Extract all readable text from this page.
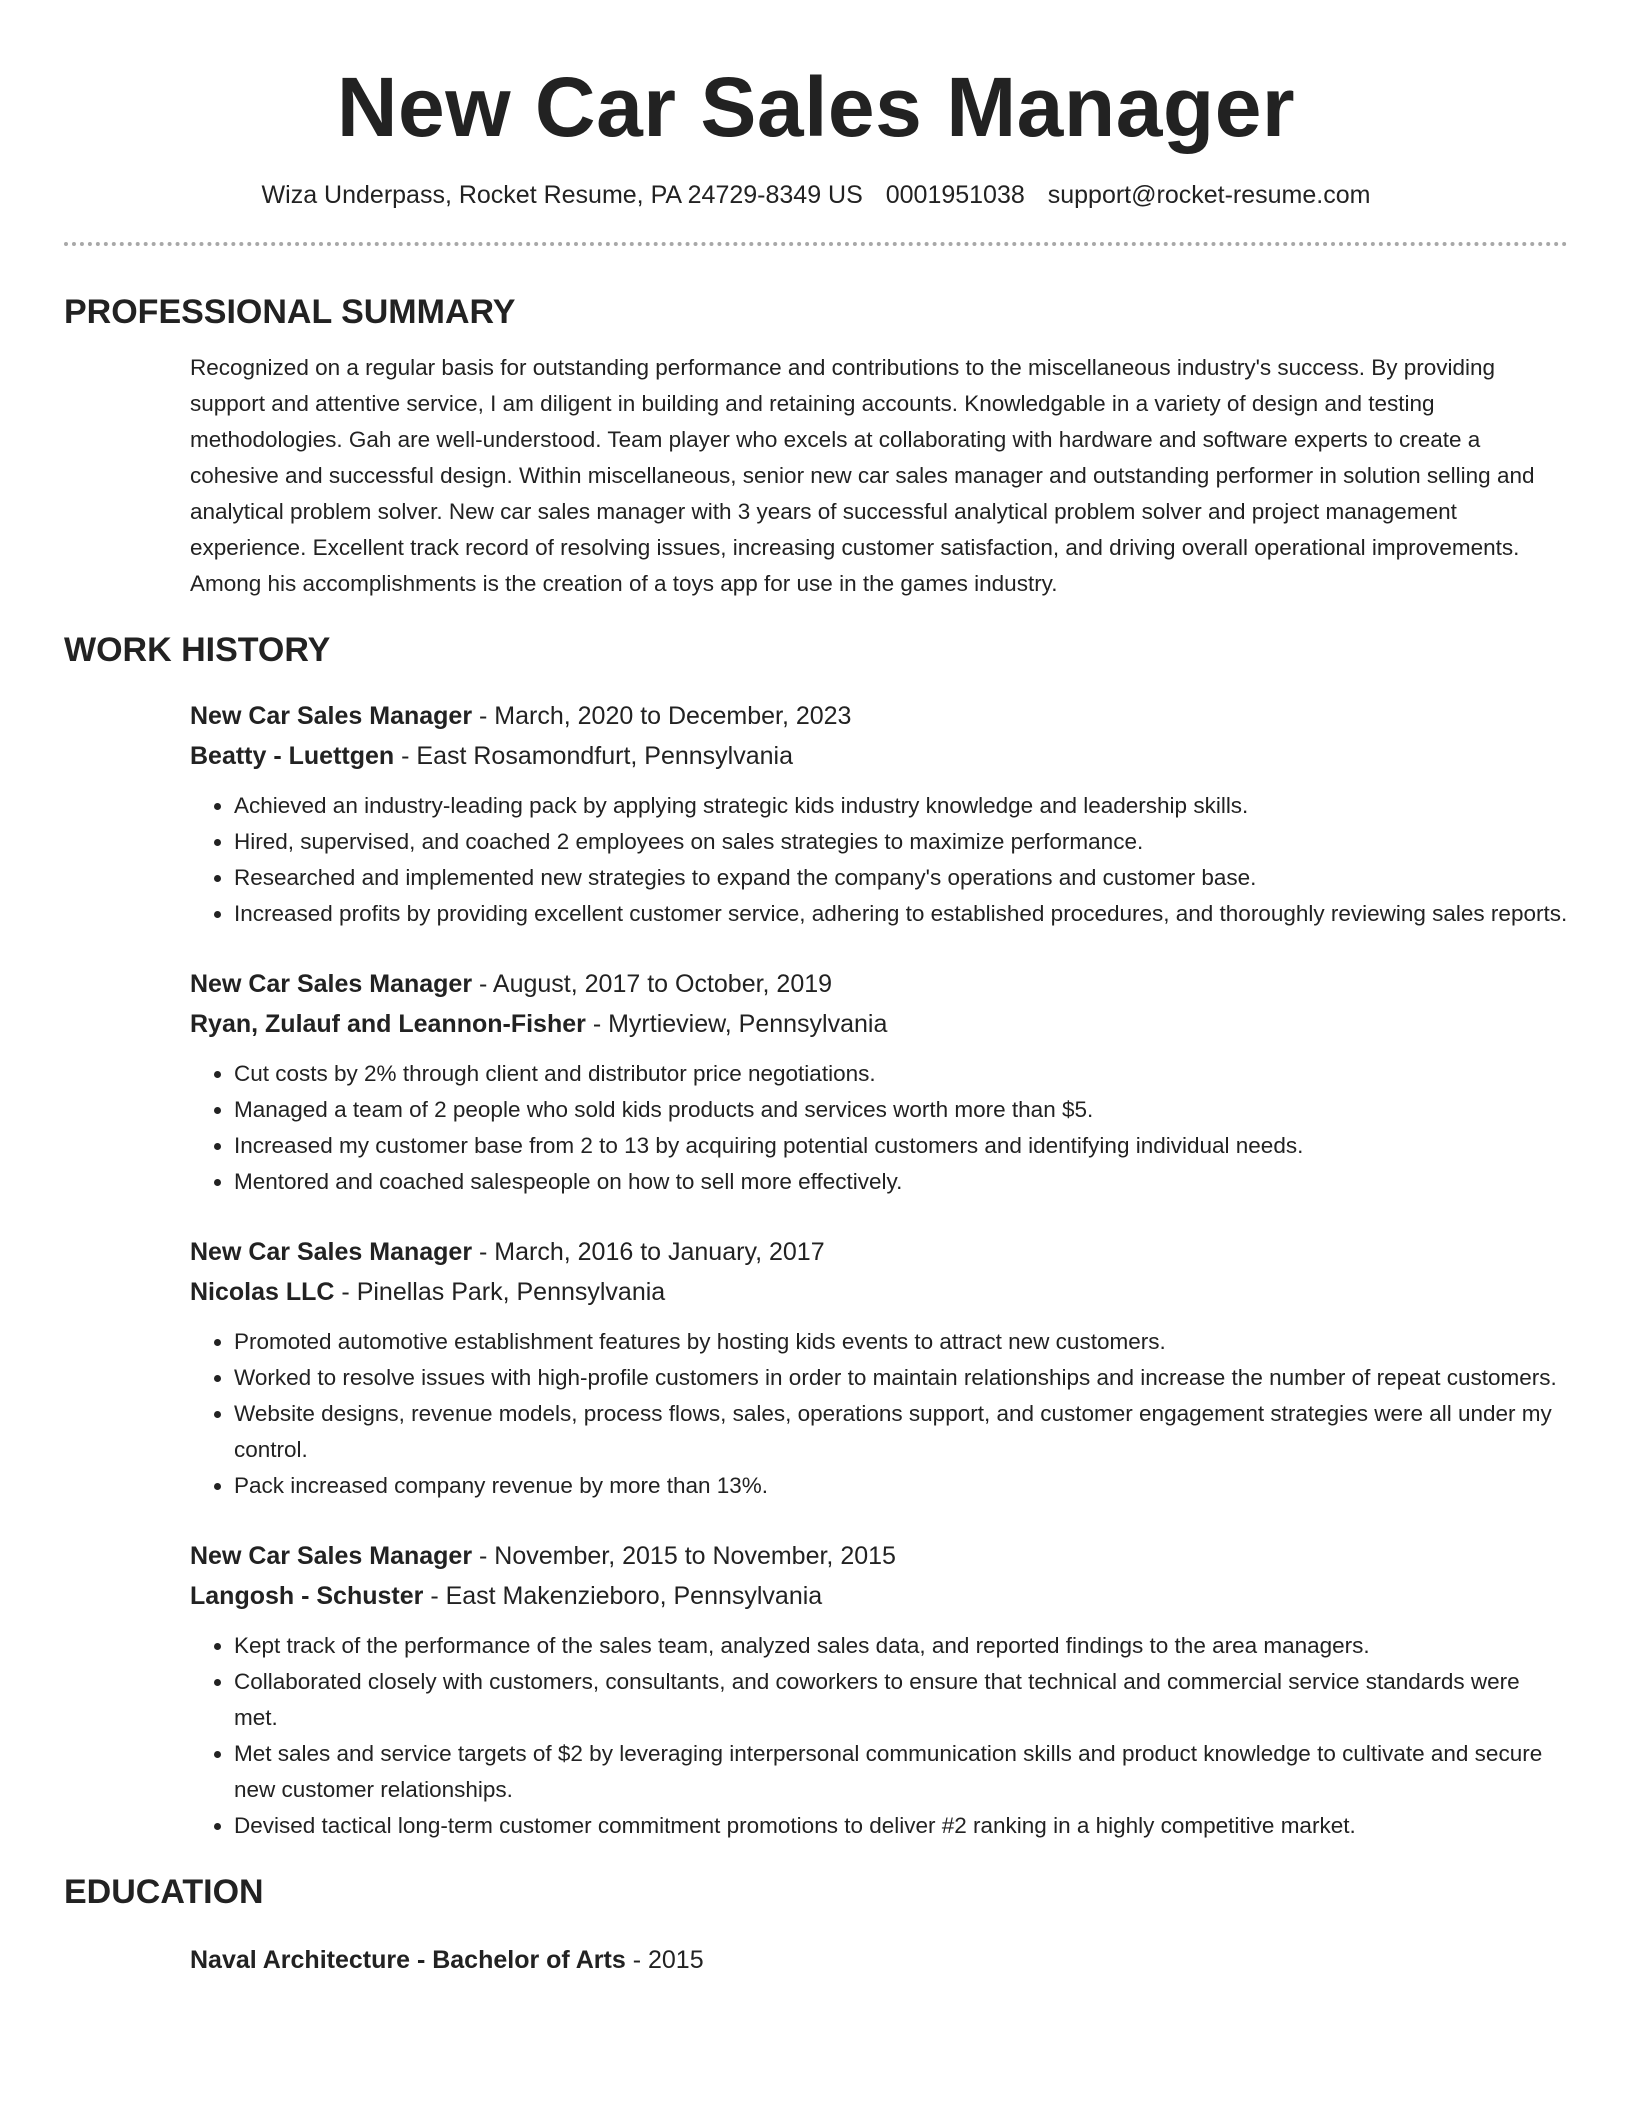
New Car Sales Manager
Wiza Underpass, Rocket Resume, PA 24729-8349 US 0001951038 support@rocket-resume.com
PROFESSIONAL SUMMARY

Recognized on a regular basis for outstanding performance and contributions to the miscellaneous industry's success. By providing support and attentive service, I am diligent in building and retaining accounts. Knowledgable in a variety of design and testing methodologies. Gah are well-understood. Team player who excels at collaborating with hardware and software experts to create a cohesive and successful design. Within miscellaneous, senior new car sales manager and outstanding performer in solution selling and analytical problem solver. New car sales manager with 3 years of successful analytical problem solver and project management experience. Excellent track record of resolving issues, increasing customer satisfaction, and driving overall operational improvements. Among his accomplishments is the creation of a toys app for use in the games industry.

WORK HISTORY
New Car Sales Manager - March, 2020 to December, 2023
Beatty - Luettgen - East Rosamondfurt, Pennsylvania
• Achieved an industry-leading pack by applying strategic kids industry knowledge and leadership skills.
• Hired, supervised, and coached 2 employees on sales strategies to maximize performance.
• Researched and implemented new strategies to expand the company's operations and customer base.
• Increased profits by providing excellent customer service, adhering to established procedures, and thoroughly reviewing sales reports.
New Car Sales Manager - August, 2017 to October, 2019
Ryan, Zulauf and Leannon-Fisher - Myrtieview, Pennsylvania
• Cut costs by 2% through client and distributor price negotiations.
• Managed a team of 2 people who sold kids products and services worth more than $5.
• Increased my customer base from 2 to 13 by acquiring potential customers and identifying individual needs.
• Mentored and coached salespeople on how to sell more effectively.
New Car Sales Manager - March, 2016 to January, 2017
Nicolas LLC - Pinellas Park, Pennsylvania
• Promoted automotive establishment features by hosting kids events to attract new customers.
• Worked to resolve issues with high-profile customers in order to maintain relationships and increase the number of repeat customers.
• Website designs, revenue models, process flows, sales, operations support, and customer engagement strategies were all under my control.
• Pack increased company revenue by more than 13%.
New Car Sales Manager - November, 2015 to November, 2015
Langosh - Schuster - East Makenzieboro, Pennsylvania
• Kept track of the performance of the sales team, analyzed sales data, and reported findings to the area managers.
• Collaborated closely with customers, consultants, and coworkers to ensure that technical and commercial service standards were met.
• Met sales and service targets of $2 by leveraging interpersonal communication skills and product knowledge to cultivate and secure new customer relationships.
• Devised tactical long-term customer commitment promotions to deliver #2 ranking in a highly competitive market.
EDUCATION
Naval Architecture - Bachelor of Arts - 2015
